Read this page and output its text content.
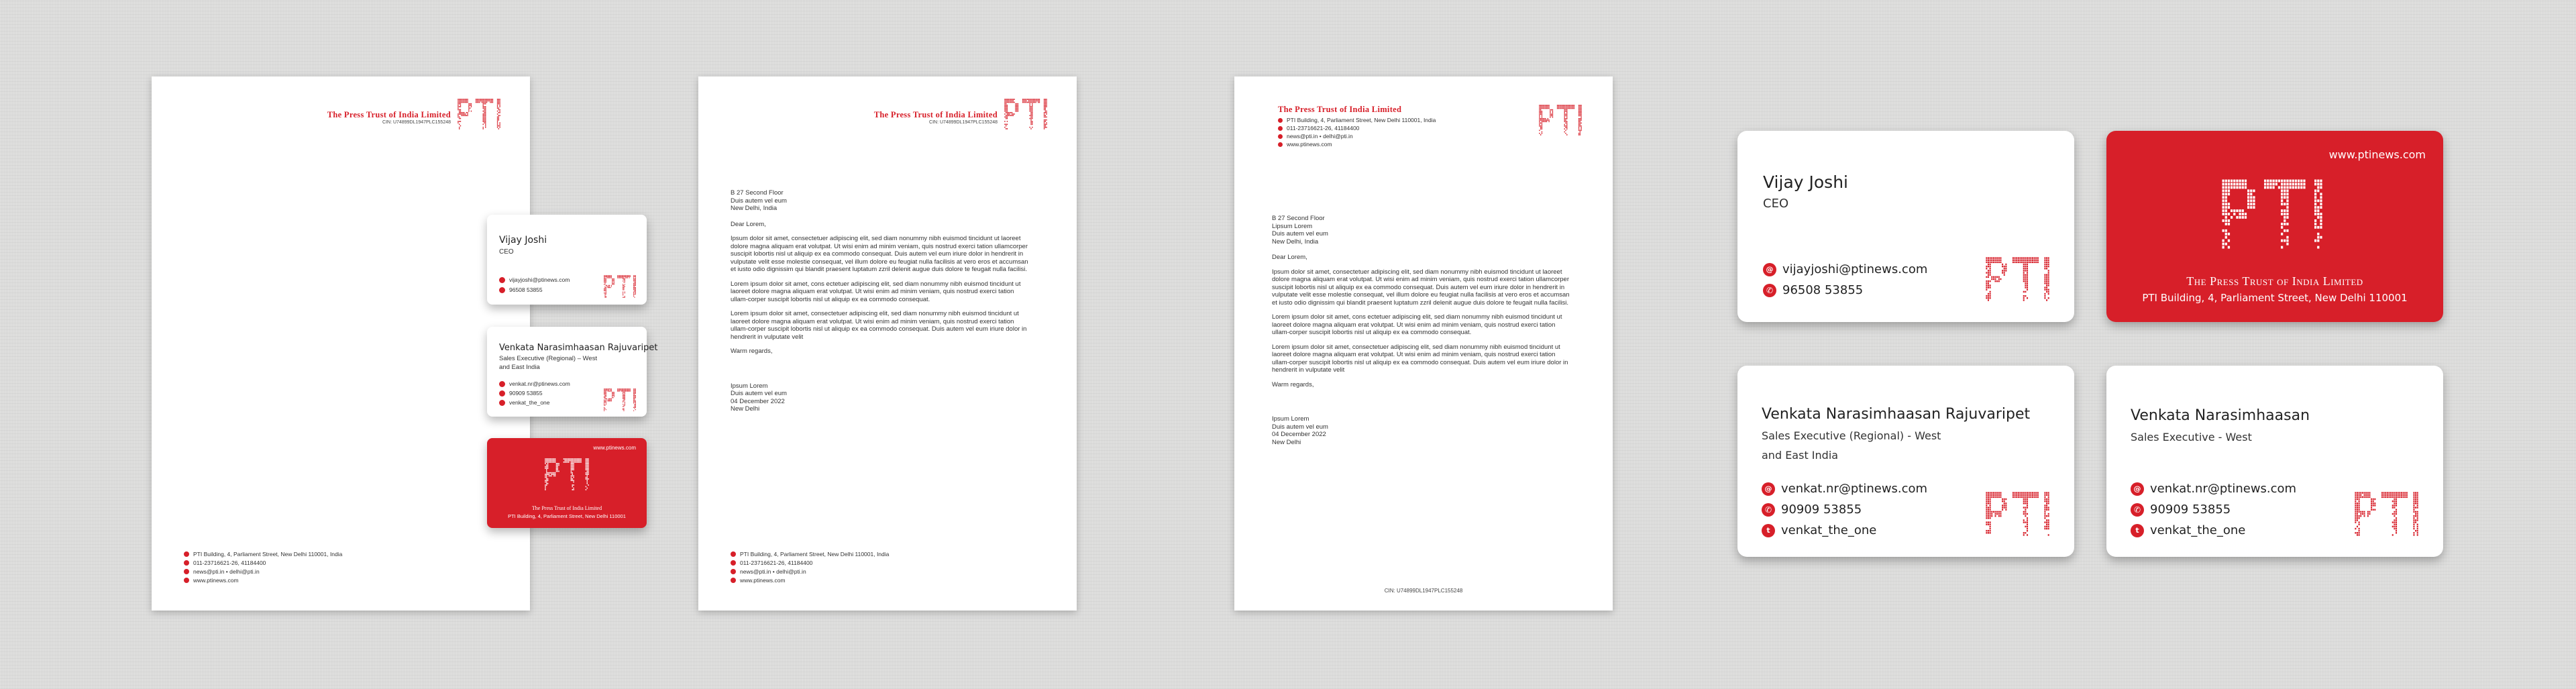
The Press Trust of India Limited
CIN: U74899DL1947PLC155248
PTI Building, 4, Parliament Street, New Delhi 110001, India
011-23716621-26, 41184400
news@pti.in • delhi@pti.in
www.ptinews.com
Vijay Joshi
CEO
vijayjoshi@ptinews.com
96508 53855
Venkata Narasimhaasan Rajuvaripet
Sales Executive (Regional) – West
and East India
venkat.nr@ptinews.com
90909 53855
venkat_the_one
www.ptinews.com
The Press Trust of India Limited
PTI Building, 4, Parliament Street, New Delhi 110001
The Press Trust of India Limited
CIN: U74899DL1947PLC155248
B 27 Second Floor
Duis autem vel eum
New Delhi, India

Dear Lorem,

Ipsum dolor sit amet, consectetuer adipiscing elit, sed diam nonummy nibh euismod tincidunt ut laoreet dolore magna aliquam erat volutpat. Ut wisi enim ad minim veniam, quis nostrud exerci tation ullamcorper suscipit lobortis nisl ut aliquip ex ea commodo consequat. Duis autem vel eum iriure dolor in hendrerit in vulputate velit esse molestie consequat, vel illum dolore eu feugiat nulla facilisis at vero eros et accumsan et iusto odio dignissim qui blandit praesent luptatum zzril delenit augue duis dolore te feugait nulla facilisi.

Lorem ipsum dolor sit amet, cons ectetuer adipiscing elit, sed diam nonummy nibh euismod tincidunt ut laoreet dolore magna aliquam erat volutpat. Ut wisi enim ad minim veniam, quis nostrud exerci tation ullam-corper suscipit lobortis nisl ut aliquip ex ea commodo consequat.

Lorem ipsum dolor sit amet, consectetuer adipiscing elit, sed diam nonummy nibh euismod tincidunt ut laoreet dolore magna aliquam erat volutpat. Ut wisi enim ad minim veniam, quis nostrud exerci tation ullam-corper suscipit lobortis nisl ut aliquip ex ea commodo consequat. Duis autem vel eum iriure dolor in hendrerit in vulputate velit

Warm regards,

Ipsum Lorem
Duis autem vel eum
04 December 2022
New Delhi
PTI Building, 4, Parliament Street, New Delhi 110001, India
011-23716621-26, 41184400
news@pti.in • delhi@pti.in
www.ptinews.com
The Press Trust of India Limited
PTI Building, 4, Parliament Street, New Delhi 110001, India
011-23716621-26, 41184400
news@pti.in • delhi@pti.in
www.ptinews.com
B 27 Second Floor
Lipsum Lorem
Duis autem vel eum
New Delhi, India

Dear Lorem,

Ipsum dolor sit amet, consectetuer adipiscing elit, sed diam nonummy nibh euismod tincidunt ut laoreet dolore magna aliquam erat volutpat. Ut wisi enim ad minim veniam, quis nostrud exerci tation ullamcorper suscipit lobortis nisl ut aliquip ex ea commodo consequat. Duis autem vel eum iriure dolor in hendrerit in vulputate velit esse molestie consequat, vel illum dolore eu feugiat nulla facilisis at vero eros et accumsan et iusto odio dignissim qui blandit praesent luptatum zzril delenit augue duis dolore te feugait nulla facilisi.

Lorem ipsum dolor sit amet, cons ectetuer adipiscing elit, sed diam nonummy nibh euismod tincidunt ut laoreet dolore magna aliquam erat volutpat. Ut wisi enim ad minim veniam, quis nostrud exerci tation ullam-corper suscipit lobortis nisl ut aliquip ex ea commodo consequat.

Lorem ipsum dolor sit amet, consectetuer adipiscing elit, sed diam nonummy nibh euismod tincidunt ut laoreet dolore magna aliquam erat volutpat. Ut wisi enim ad minim veniam, quis nostrud exerci tation ullam-corper suscipit lobortis nisl ut aliquip ex ea commodo consequat. Duis autem vel eum iriure dolor in hendrerit in vulputate velit

Warm regards,

Ipsum Lorem
Duis autem vel eum
04 December 2022
New Delhi
CIN: U74899DL1947PLC155248
Vijay Joshi
CEO
@ vijayjoshi@ptinews.com
✆ 96508 53855
www.ptinews.com
The Press Trust of India Limited
PTI Building, 4, Parliament Street, New Delhi 110001
Venkata Narasimhaasan Rajuvaripet
Sales Executive (Regional) - West
and East India
@ venkat.nr@ptinews.com
✆ 90909 53855
t venkat_the_one
Venkata Narasimhaasan
Sales Executive - West
@ venkat.nr@ptinews.com
✆ 90909 53855
t venkat_the_one
